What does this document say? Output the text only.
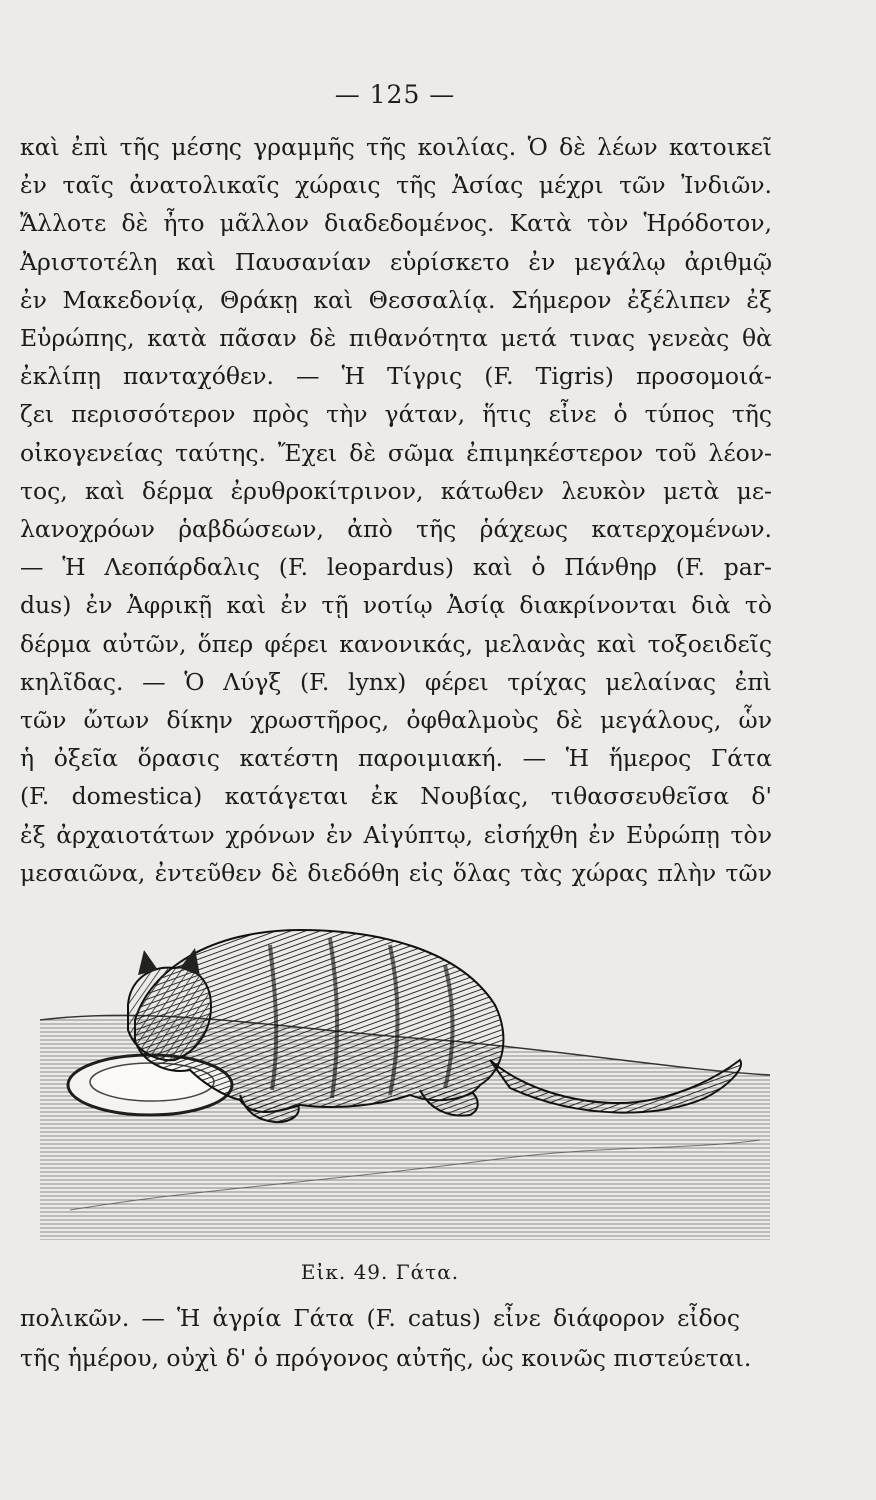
— 125 —
καὶ ἐπὶ τῆς μέσης γραμμῆς τῆς κοιλίας. Ὁ δὲ λέων κατοικεῖ
ἐν ταῖς ἀνατολικαῖς χώραις τῆς Ἀσίας μέχρι τῶν Ἰνδιῶν.
Ἄλλοτε δὲ ἦτο μᾶλλον διαδεδομένος. Κατὰ τὸν Ἡρόδοτον,
Ἀριστοτέλη καὶ Παυσανίαν εὑρίσκετο ἐν μεγάλῳ ἀριθμῷ
ἐν Μακεδονίᾳ, Θράκῃ καὶ Θεσσαλίᾳ. Σήμερον ἐξέλιπεν ἐξ
Εὐρώπης, κατὰ πᾶσαν δὲ πιθανότητα μετά τινας γενεὰς θὰ
ἐκλίπῃ πανταχόθεν. — Ἡ Τίγρις (F. Tigris) προσομοιά-
ζει περισσότερον πρὸς τὴν γάταν, ἥτις εἶνε ὁ τύπος τῆς
οἰκογενείας ταύτης. Ἔχει δὲ σῶμα ἐπιμηκέστερον τοῦ λέον-
τος, καὶ δέρμα ἐρυθροκίτρινον, κάτωθεν λευκὸν μετὰ με-
λανοχρόων ῥαβδώσεων, ἀπὸ τῆς ῥάχεως κατερχομένων.
— Ἡ Λεοπάρδαλις (F. leopardus) καὶ ὁ Πάνθηρ (F. par-
dus) ἐν Ἀφρικῇ καὶ ἐν τῇ νοτίῳ Ἀσίᾳ διακρίνονται διὰ τὸ
δέρμα αὐτῶν, ὅπερ φέρει κανονικάς, μελανὰς καὶ τοξοειδεῖς
κηλῖδας. — Ὁ Λύγξ (F. lynx) φέρει τρίχας μελαίνας ἐπὶ
τῶν ὤτων δίκην χρωστῆρος, ὀφθαλμοὺς δὲ μεγάλους, ὧν
ἡ ὀξεῖα ὅρασις κατέστη παροιμιακή. — Ἡ ἥμερος Γάτα
(F. domestica) κατάγεται ἐκ Νουβίας, τιθασσευθεῖσα δ'
ἐξ ἀρχαιοτάτων χρόνων ἐν Αἰγύπτῳ, εἰσήχθη ἐν Εὐρώπῃ τὸν
μεσαιῶνα, ἐντεῦθεν δὲ διεδόθη εἰς ὅλας τὰς χώρας πλὴν τῶν
Εἰκ. 49. Γάτα.
πολικῶν. — Ἡ ἀγρία Γάτα (F. catus) εἶνε διάφορον εἶδος
τῆς ἡμέρου, οὐχὶ δ' ὁ πρόγονος αὐτῆς, ὡς κοινῶς πιστεύεται.
